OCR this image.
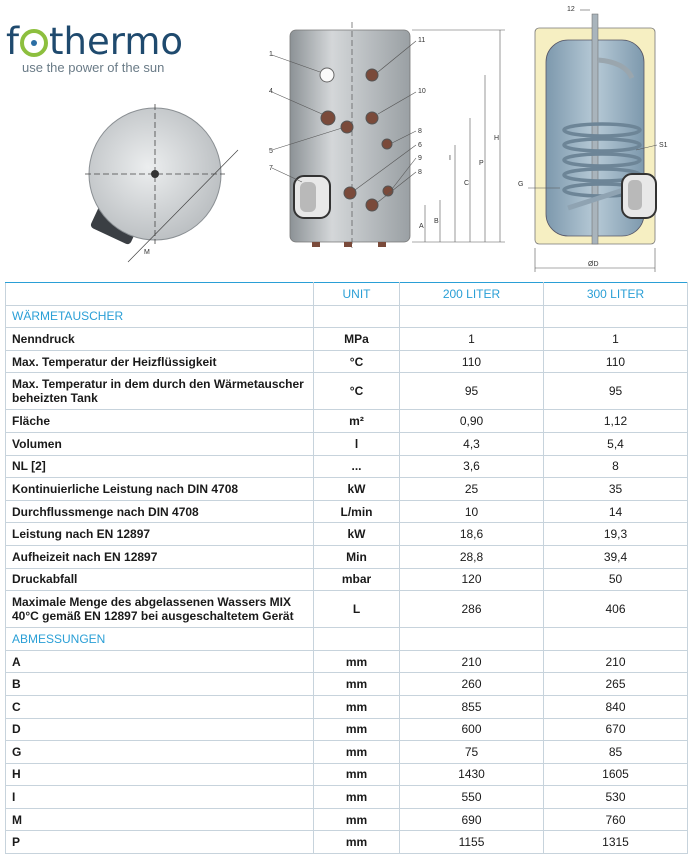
f thermo
use the power of the sun
M
1
11
4	10
5
8
6
9
8
7
H
P
C
I
B
A
12
S1
G
ØD
	UNIT	200 LITER	300 LITER
WÄRMETAUSCHER			
Nenndruck	MPa	1	1
Max. Temperatur der Heizflüssigkeit	°C	110	110
Max. Temperatur in dem durch den Wärmetauscher beheizten Tank	°C	95	95
Fläche	m²	0,90	1,12
Volumen	l	4,3	5,4
NL [2]	...	3,6	8
Kontinuierliche Leistung nach DIN 4708	kW	25	35
Durchflussmenge nach DIN 4708	L/min	10	14
Leistung nach EN 12897	kW	18,6	19,3
Aufheizeit nach EN 12897	Min	28,8	39,4
Druckabfall	mbar	120	50
Maximale Menge des abgelassenen Wassers MIX 40°C gemäß EN 12897 bei ausgeschaltetem Gerät	L	286	406
ABMESSUNGEN			
A	mm	210	210
B	mm	260	265
C	mm	855	840
D	mm	600	670
G	mm	75	85
H	mm	1430	1605
I	mm	550	530
M	mm	690	760
P	mm	1155	1315
